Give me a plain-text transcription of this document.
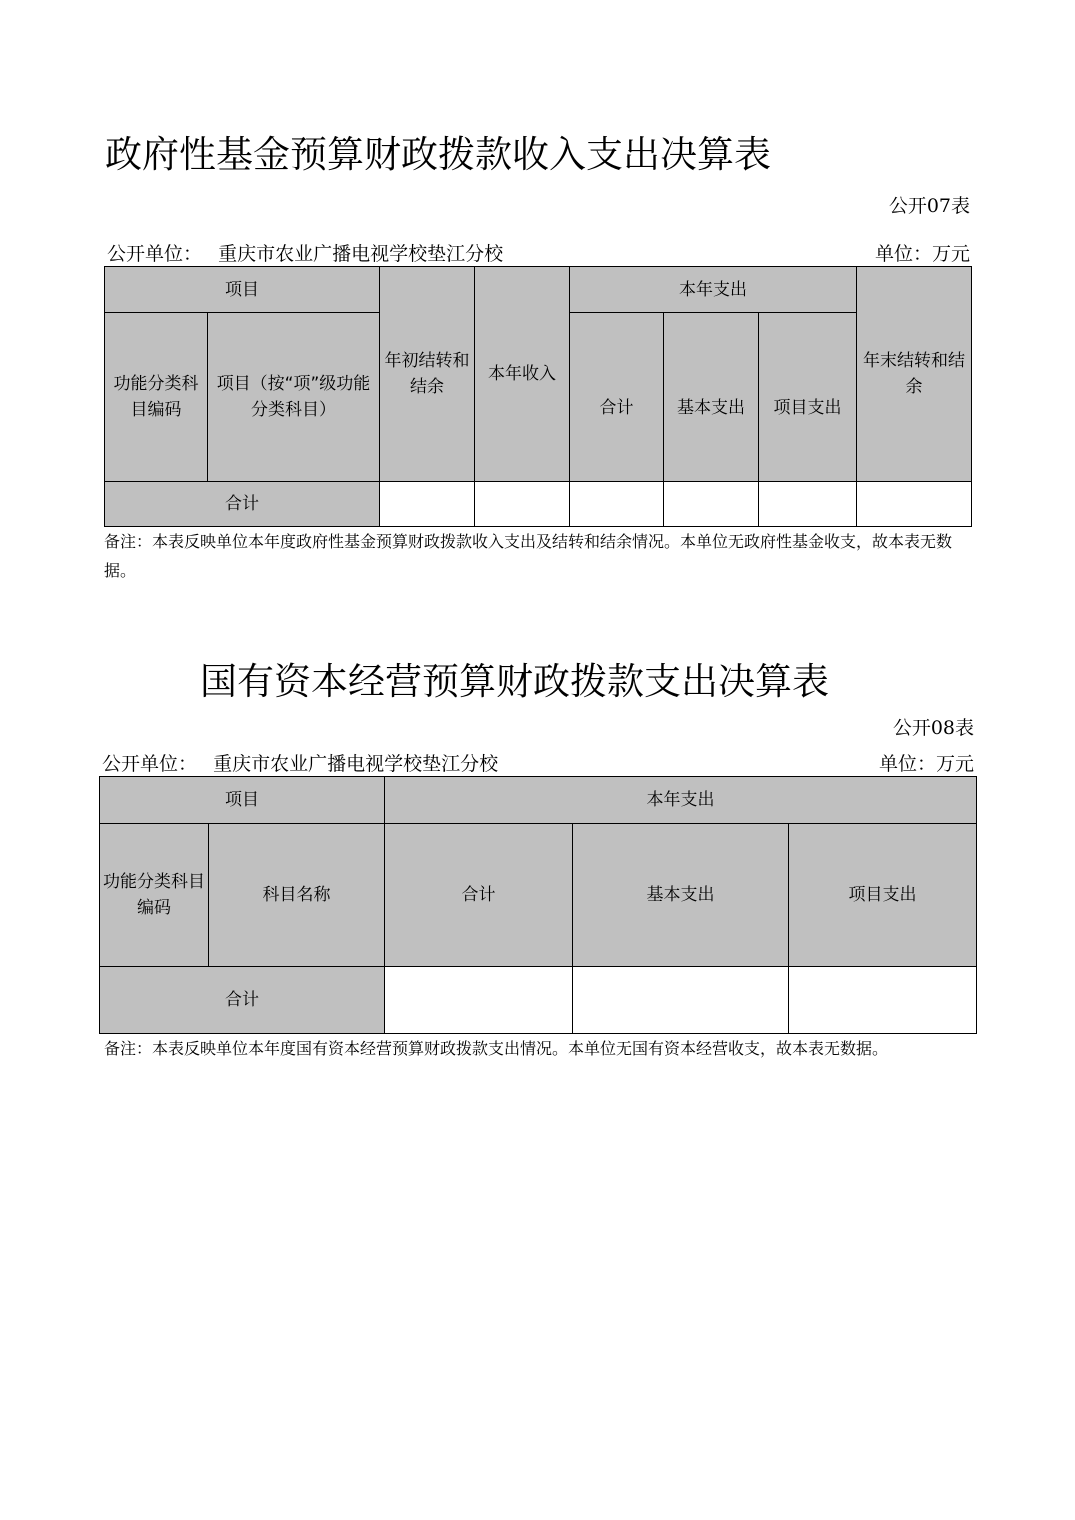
政府性基金预算财政拨款收入支出决算表
公开07表
公开单位： 重庆市农业广播电视学校垫江分校	单位：万元
项目		年初结转和结余	本年收入	本年支出			年末结转和结余
功能分类科目编码	项目（按“项”级功能分类科目）			合计	基本支出	项目支出	
合计							
备注：本表反映单位本年度政府性基金预算财政拨款收入支出及结转和结余情况。本单位无政府性基金收支，故本表无数据。
国有资本经营预算财政拨款支出决算表
公开08表
公开单位： 重庆市农业广播电视学校垫江分校	单位：万元
项目		本年支出		
功能分类科目编码	科目名称	合计	基本支出	项目支出
合计				
备注：本表反映单位本年度国有资本经营预算财政拨款支出情况。本单位无国有资本经营收支，故本表无数据。
